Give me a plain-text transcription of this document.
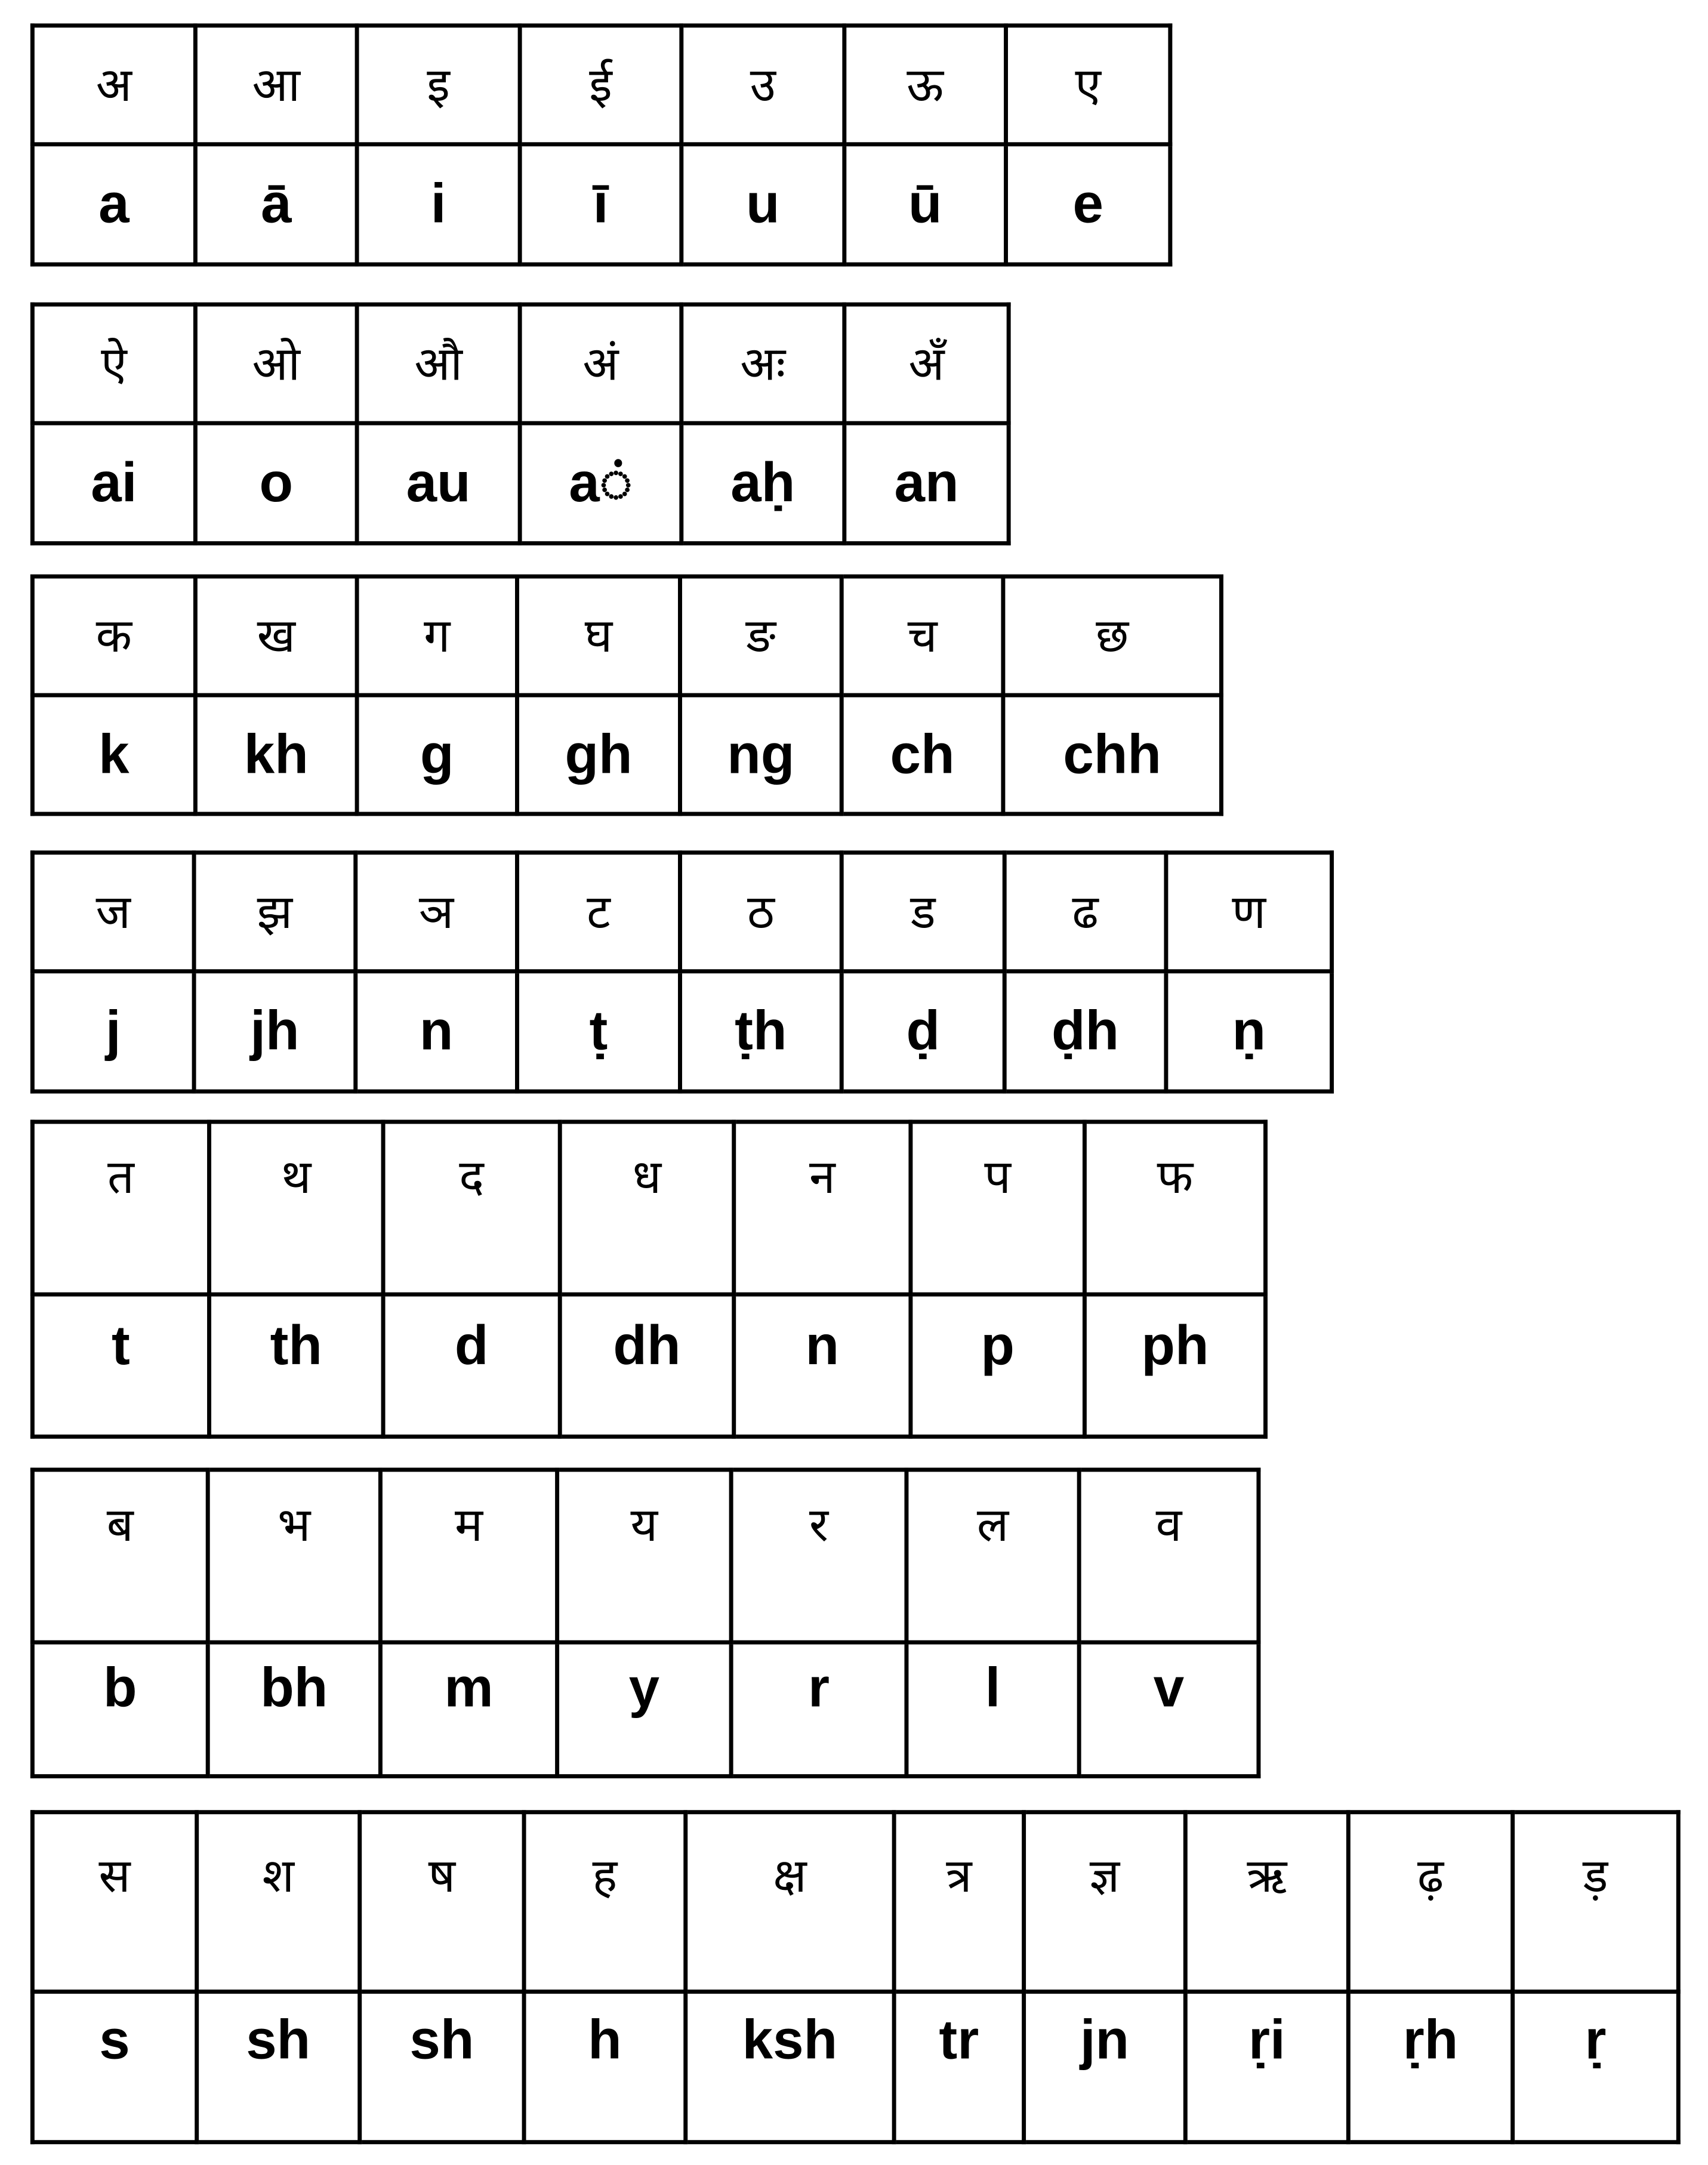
अ	आ	इ	ई	उ	ऊ	ए
a	ā	i	ī	u	ū	e
ऐ	ओ	औ	अं	अः	अँ
ai	o	au	aं	aḥ	an
क	ख	ग	घ	ङ	च	छ
k	kh	g	gh	ng	ch	chh
ज	झ	ञ	ट	ठ	ड	ढ	ण
j	jh	n	ṭ	ṭh	ḍ	ḍh	ṇ
त	थ	द	ध	न	प	फ
t	th	d	dh	n	p	ph
ब	भ	म	य	र	ल	व
b	bh	m	y	r	l	v
स	श	ष	ह	क्ष	त्र	ज्ञ	ऋ	ढ़	ड़
s	sh	sh	h	ksh	tr	jn	ṛi	ṛh	ṛ
